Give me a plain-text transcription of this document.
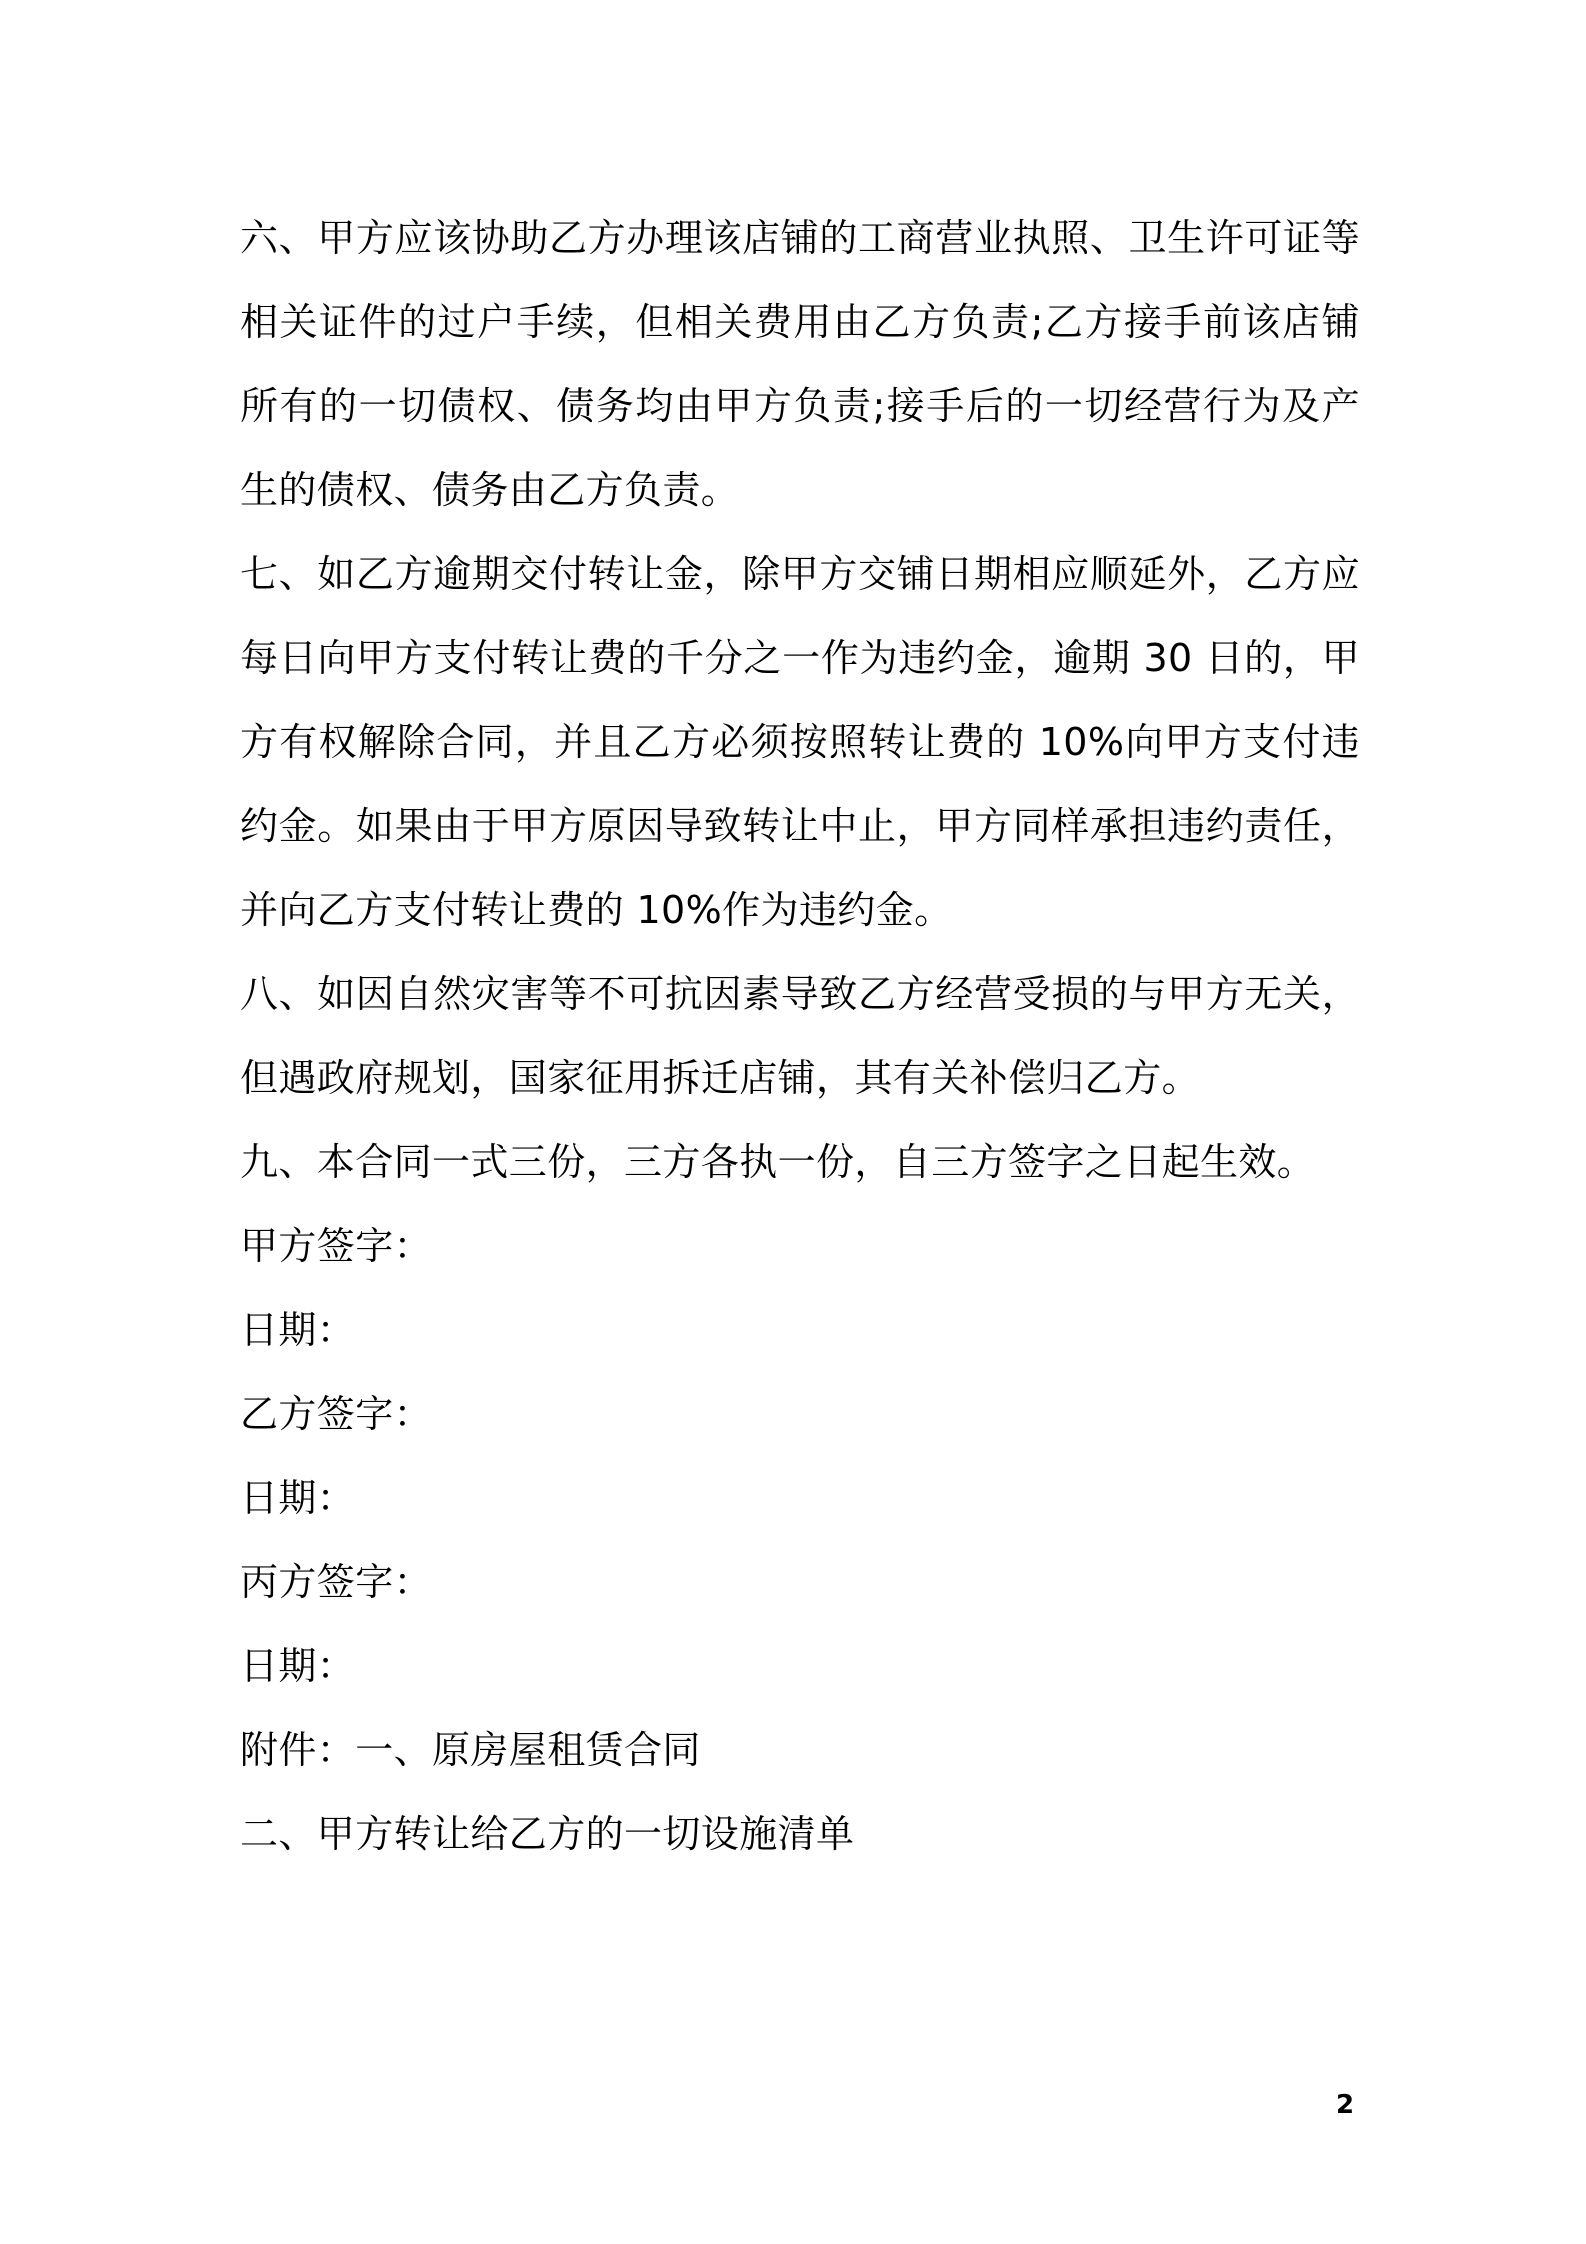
六、甲方应该协助乙方办理该店铺的工商营业执照、卫生许可证等相关证件的过户手续，但相关费用由乙方负责;乙方接手前该店铺所有的一切债权、债务均由甲方负责;接手后的一切经营行为及产生的债权、债务由乙方负责。

七、如乙方逾期交付转让金，除甲方交铺日期相应顺延外，乙方应每日向甲方支付转让费的千分之一作为违约金，逾期 30 日的，甲方有权解除合同，并且乙方必须按照转让费的 10%向甲方支付违约金。如果由于甲方原因导致转让中止，甲方同样承担违约责任，并向乙方支付转让费的 10%作为违约金。

八、如因自然灾害等不可抗因素导致乙方经营受损的与甲方无关，但遇政府规划，国家征用拆迁店铺，其有关补偿归乙方。

九、本合同一式三份，三方各执一份，自三方签字之日起生效。

甲方签字：

日期：

乙方签字：

日期：

丙方签字：

日期：

附件：一、原房屋租赁合同

二、甲方转让给乙方的一切设施清单

2
